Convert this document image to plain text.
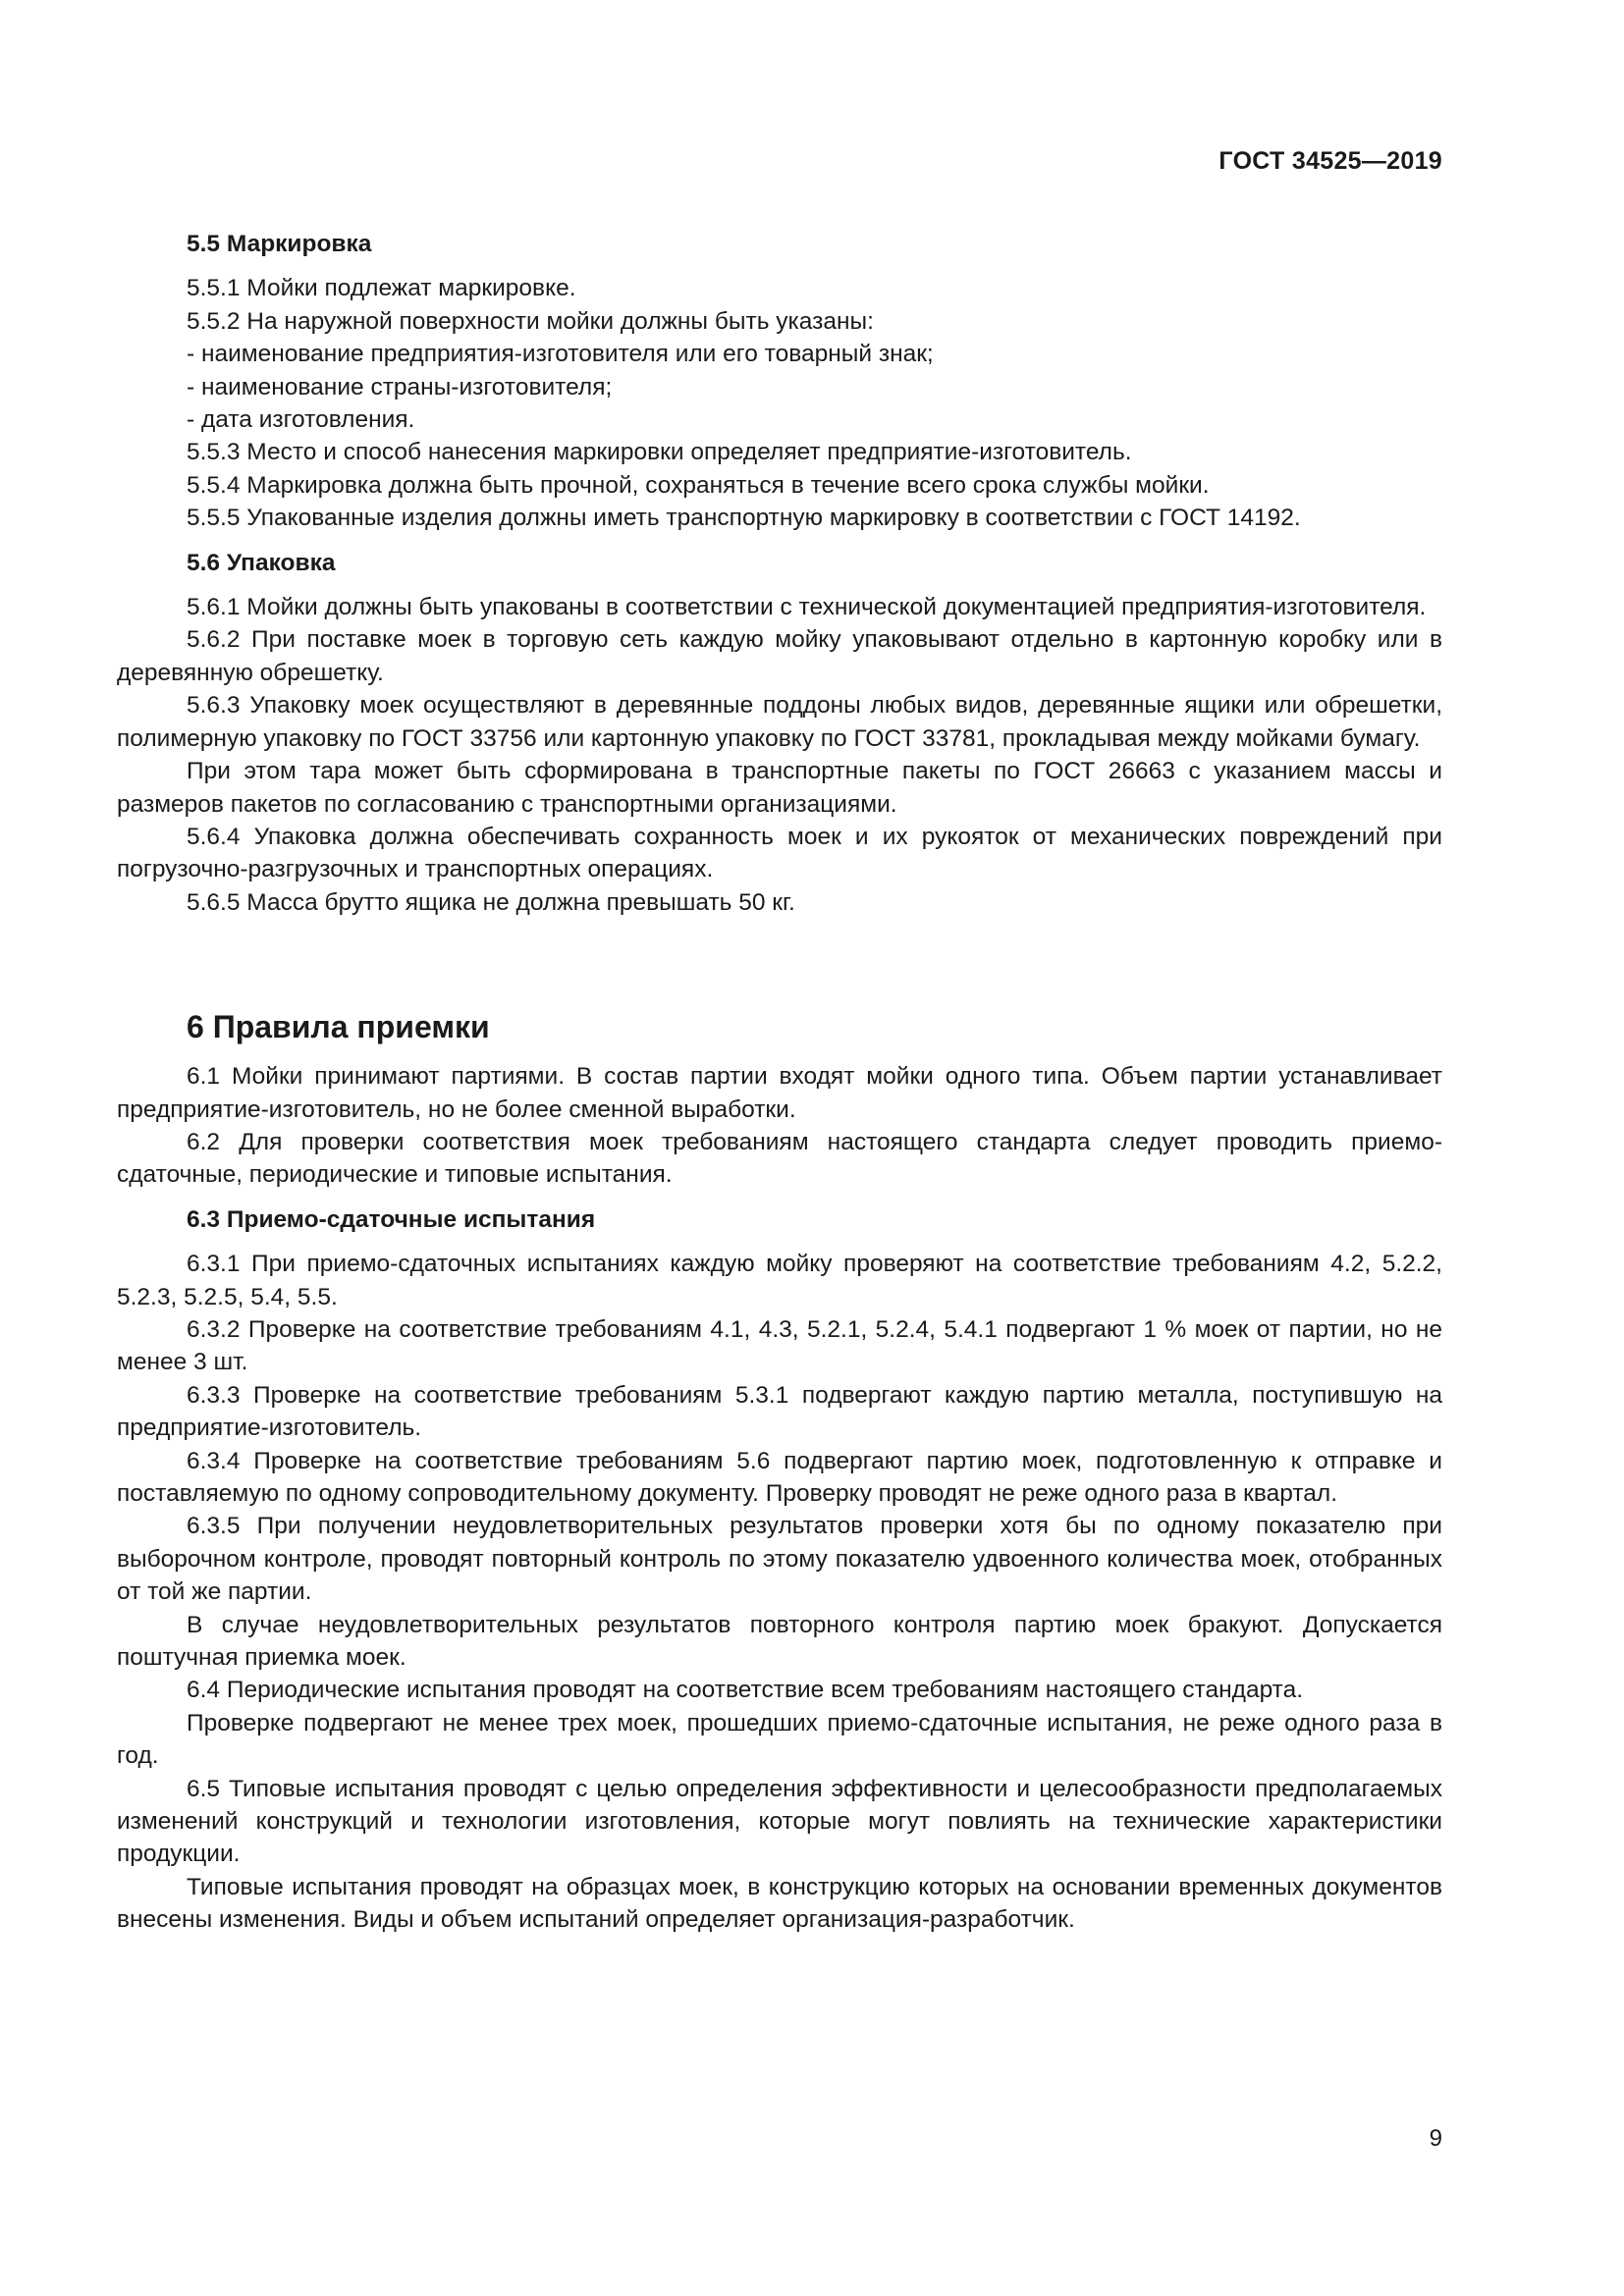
ГОСТ 34525—2019
5.5 Маркировка

5.5.1 Мойки подлежат маркировке.

5.5.2 На наружной поверхности мойки должны быть указаны:

- наименование предприятия-изготовителя или его товарный знак;

- наименование страны-изготовителя;

- дата изготовления.

5.5.3 Место и способ нанесения маркировки определяет предприятие-изготовитель.

5.5.4 Маркировка должна быть прочной, сохраняться в течение всего срока службы мойки.

5.5.5 Упакованные изделия должны иметь транспортную маркировку в соответствии с ГОСТ 14192.

5.6 Упаковка

5.6.1 Мойки должны быть упакованы в соответствии с технической документацией предприятия-изготовителя.

5.6.2 При поставке моек в торговую сеть каждую мойку упаковывают отдельно в картонную коробку или в деревянную обрешетку.

5.6.3 Упаковку моек осуществляют в деревянные поддоны любых видов, деревянные ящики или обрешетки, полимерную упаковку по ГОСТ 33756 или картонную упаковку по ГОСТ 33781, прокладывая между мойками бумагу.

При этом тара может быть сформирована в транспортные пакеты по ГОСТ 26663 с указанием массы и размеров пакетов по согласованию с транспортными организациями.

5.6.4 Упаковка должна обеспечивать сохранность моек и их рукояток от механических повреждений при погрузочно-разгрузочных и транспортных операциях.

5.6.5 Масса брутто ящика не должна превышать 50 кг.

6 Правила приемки

6.1 Мойки принимают партиями. В состав партии входят мойки одного типа. Объем партии устанавливает предприятие-изготовитель, но не более сменной выработки.

6.2 Для проверки соответствия моек требованиям настоящего стандарта следует проводить приемо-сдаточные, периодические и типовые испытания.

6.3 Приемо-сдаточные испытания

6.3.1 При приемо-сдаточных испытаниях каждую мойку проверяют на соответствие требованиям 4.2, 5.2.2, 5.2.3, 5.2.5, 5.4, 5.5.

6.3.2 Проверке на соответствие требованиям 4.1, 4.3, 5.2.1, 5.2.4, 5.4.1 подвергают 1 % моек от партии, но не менее 3 шт.

6.3.3 Проверке на соответствие требованиям 5.3.1 подвергают каждую партию металла, поступившую на предприятие-изготовитель.

6.3.4 Проверке на соответствие требованиям 5.6 подвергают партию моек, подготовленную к отправке и поставляемую по одному сопроводительному документу. Проверку проводят не реже одного раза в квартал.

6.3.5 При получении неудовлетворительных результатов проверки хотя бы по одному показателю при выборочном контроле, проводят повторный контроль по этому показателю удвоенного количества моек, отобранных от той же партии.

В случае неудовлетворительных результатов повторного контроля партию моек бракуют. Допускается поштучная приемка моек.

6.4 Периодические испытания проводят на соответствие всем требованиям настоящего стандарта.

Проверке подвергают не менее трех моек, прошедших приемо-сдаточные испытания, не реже одного раза в год.

6.5 Типовые испытания проводят с целью определения эффективности и целесообразности предполагаемых изменений конструкций и технологии изготовления, которые могут повлиять на технические характеристики продукции.

Типовые испытания проводят на образцах моек, в конструкцию которых на основании временных документов внесены изменения. Виды и объем испытаний определяет организация-разработчик.

9
